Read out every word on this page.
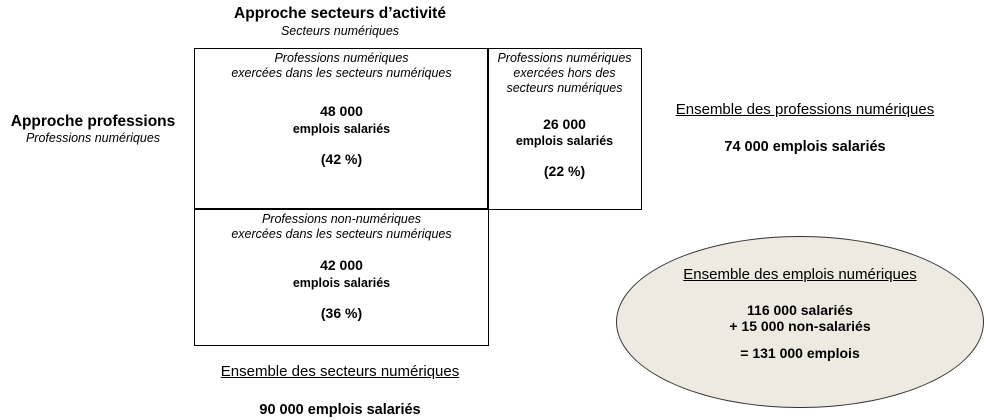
Approche secteurs d’activité
Secteurs numériques
Approche professions
Professions numériques
Professions numériques
exercées dans les secteurs numériques
48 000
emplois salariés
(42 %)
Professions numériques
exercées hors des
secteurs numériques
26 000
emplois salariés
(22 %)
Professions non-numériques
exercées dans les secteurs numériques
42 000
emplois salariés
(36 %)
Ensemble des professions numériques
74 000 emplois salariés
Ensemble des emplois numériques
116 000 salariés
+ 15 000 non-salariés
= 131 000 emplois
Ensemble des secteurs numériques
90 000 emplois salariés
